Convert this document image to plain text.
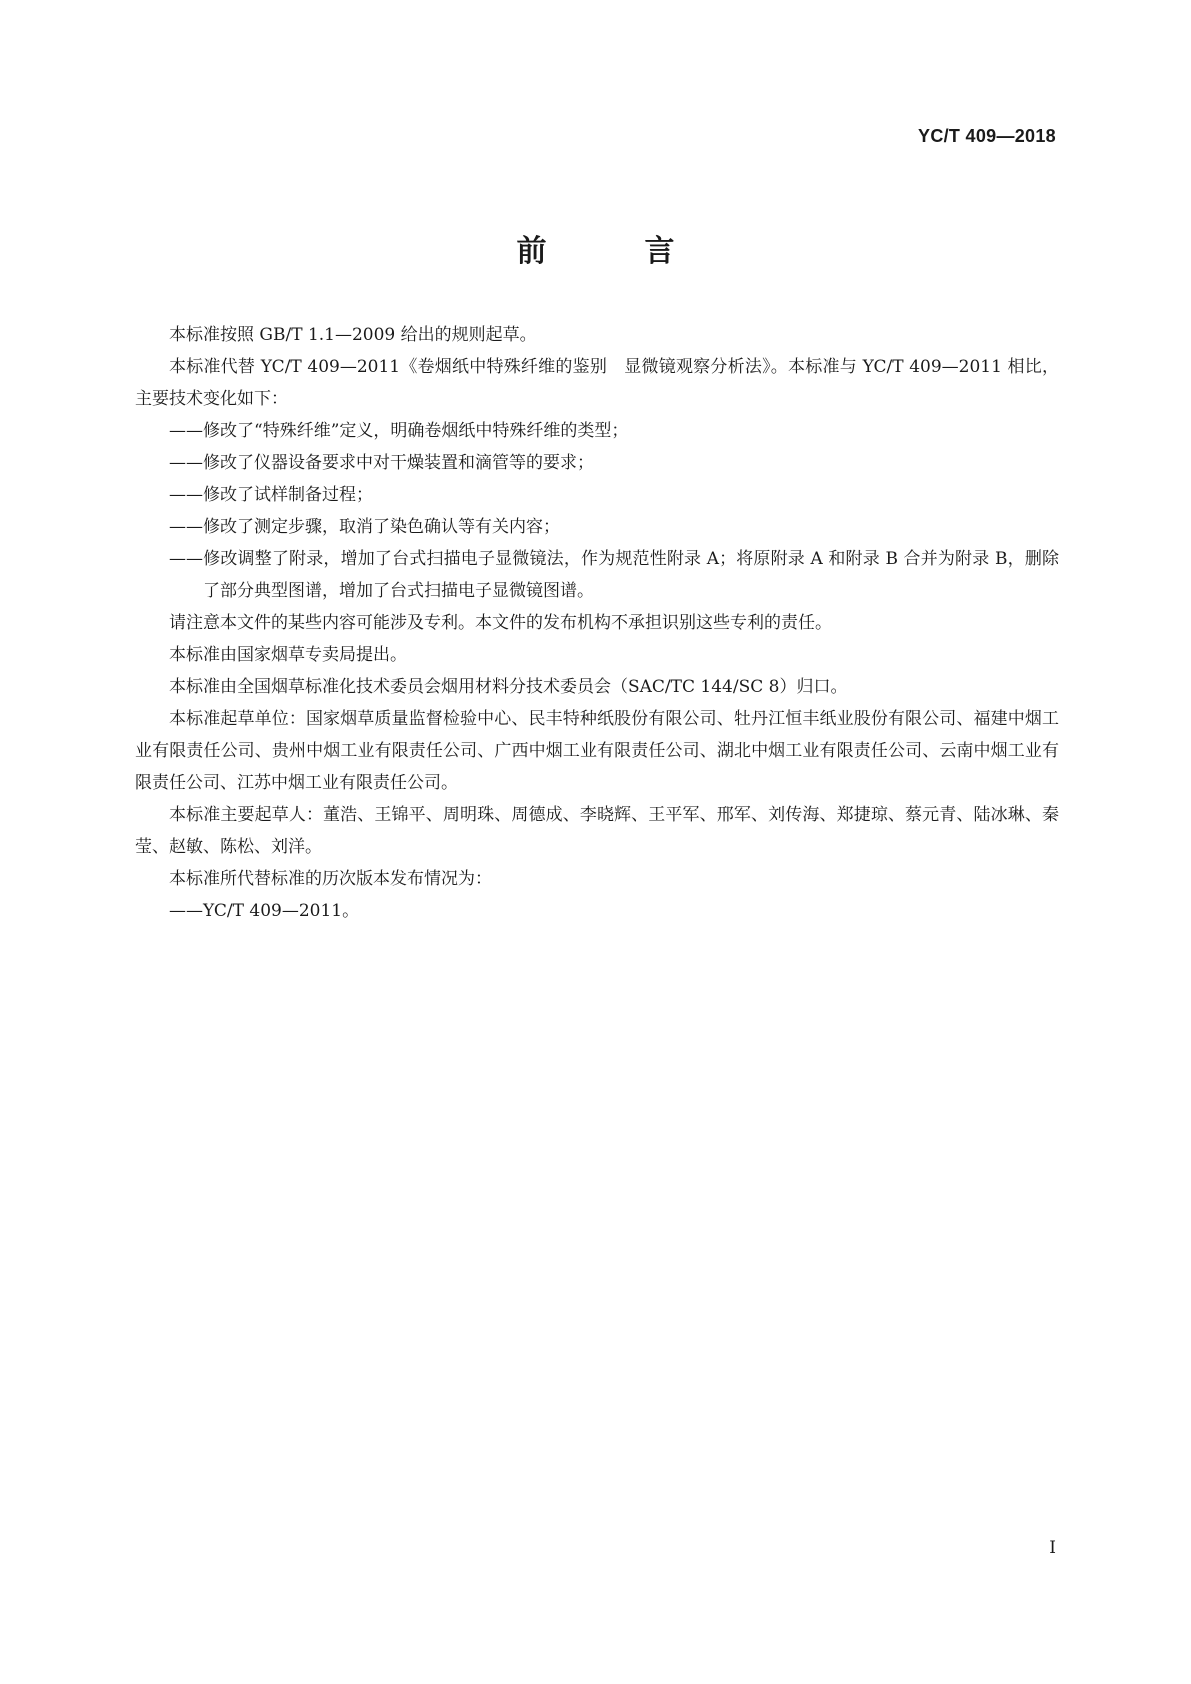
YC/T 409—2018
前　言

本标准按照 GB/T 1.1—2009 给出的规则起草。

本标准代替 YC/T 409—2011《卷烟纸中特殊纤维的鉴别　显微镜观察分析法》。本标准与 YC/T 409—2011 相比，主要技术变化如下：

——修改了“特殊纤维”定义，明确卷烟纸中特殊纤维的类型；

——修改了仪器设备要求中对干燥装置和滴管等的要求；

——修改了试样制备过程；

——修改了测定步骤，取消了染色确认等有关内容；

——修改调整了附录，增加了台式扫描电子显微镜法，作为规范性附录 A；将原附录 A 和附录 B 合并为附录 B，删除了部分典型图谱，增加了台式扫描电子显微镜图谱。

请注意本文件的某些内容可能涉及专利。本文件的发布机构不承担识别这些专利的责任。

本标准由国家烟草专卖局提出。

本标准由全国烟草标准化技术委员会烟用材料分技术委员会（SAC/TC 144/SC 8）归口。

本标准起草单位：国家烟草质量监督检验中心、民丰特种纸股份有限公司、牡丹江恒丰纸业股份有限公司、福建中烟工业有限责任公司、贵州中烟工业有限责任公司、广西中烟工业有限责任公司、湖北中烟工业有限责任公司、云南中烟工业有限责任公司、江苏中烟工业有限责任公司。

本标准主要起草人：董浩、王锦平、周明珠、周德成、李晓辉、王平军、邢军、刘传海、郑捷琼、蔡元青、陆冰琳、秦莹、赵敏、陈松、刘洋。

本标准所代替标准的历次版本发布情况为：

——YC/T 409—2011。

I
